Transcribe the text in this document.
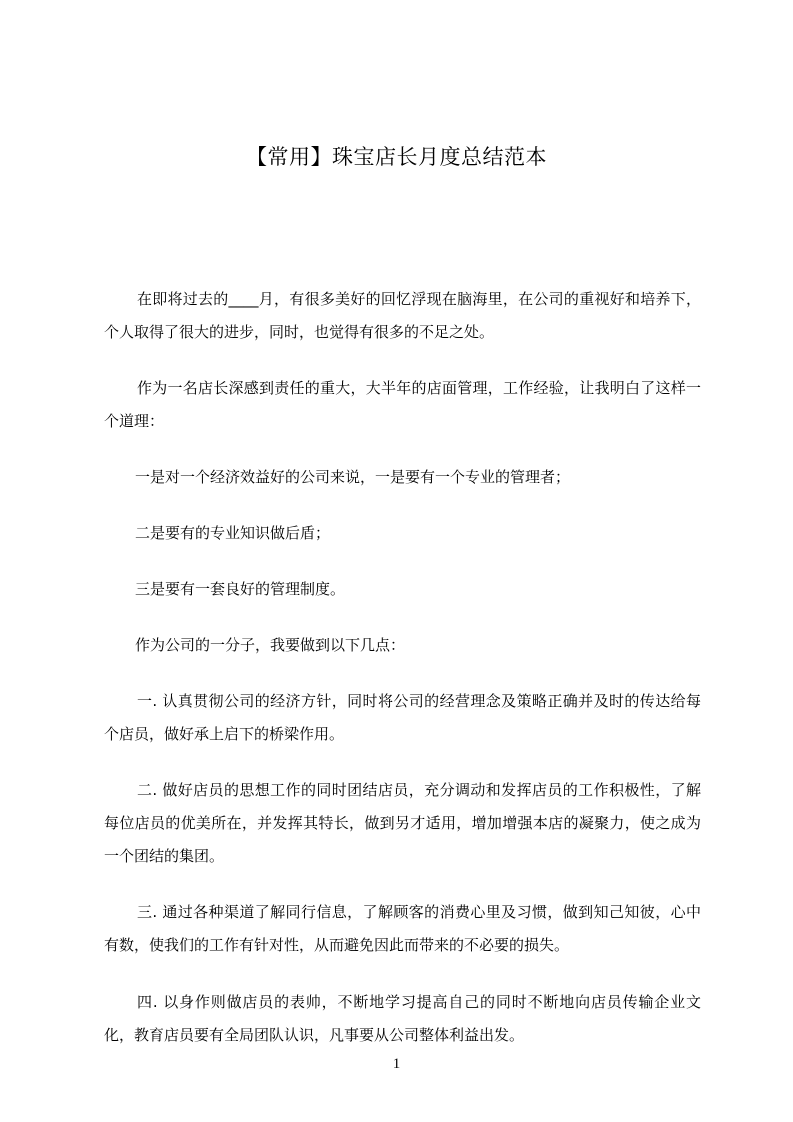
【常用】珠宝店长月度总结范本

在即将过去的____月，有很多美好的回忆浮现在脑海里，在公司的重视好和培养下，个人取得了很大的进步，同时，也觉得有很多的不足之处。

作为一名店长深感到责任的重大，大半年的店面管理，工作经验，让我明白了这样一个道理：

一是对一个经济效益好的公司来说，一是要有一个专业的管理者；

二是要有的专业知识做后盾；

三是要有一套良好的管理制度。

作为公司的一分子，我要做到以下几点：

一. 认真贯彻公司的经济方针，同时将公司的经营理念及策略正确并及时的传达给每个店员，做好承上启下的桥梁作用。

二. 做好店员的思想工作的同时团结店员，充分调动和发挥店员的工作积极性，了解每位店员的优美所在，并发挥其特长，做到另才适用，增加增强本店的凝聚力，使之成为一个团结的集团。

三. 通过各种渠道了解同行信息，了解顾客的消费心里及习惯，做到知己知彼，心中有数，使我们的工作有针对性，从而避免因此而带来的不必要的损失。

四. 以身作则做店员的表帅，不断地学习提高自己的同时不断地向店员传输企业文化，教育店员要有全局团队认识，凡事要从公司整体利益出发。

1
